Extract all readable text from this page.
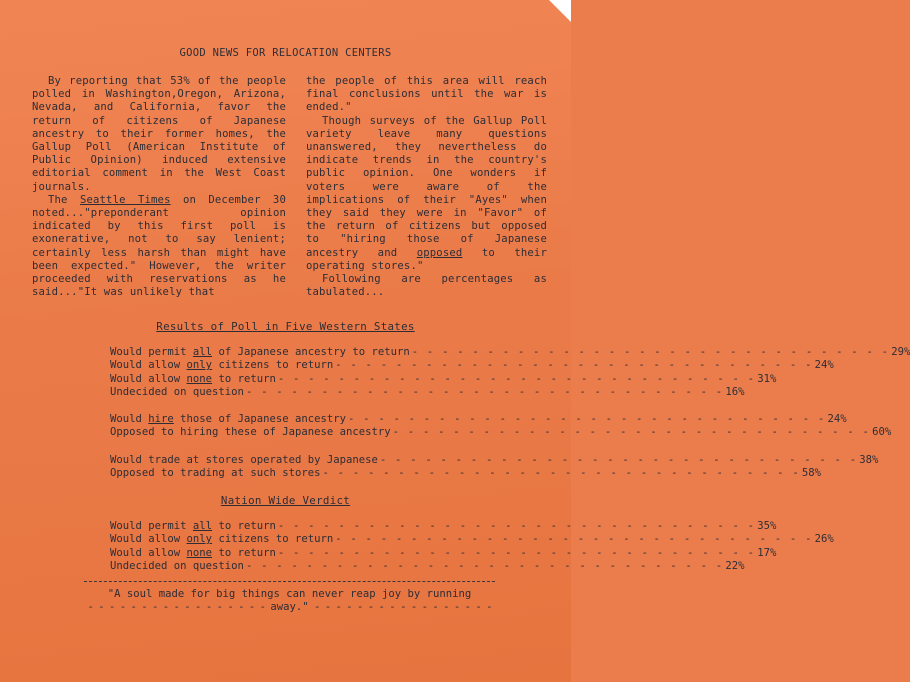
GOOD NEWS FOR RELOCATION CENTERS

By reporting that 53% of the people polled in Washington,Oregon, Arizona, Nevada, and California, favor the return of citizens of Japanese ancestry to their former homes, the Gallup Poll (American Institute of Public Opinion) induced extensive editorial comment in the West Coast journals.

The Seattle Times on December 30 noted..."preponderant opinion indicated by this first poll is exonerative, not to say lenient; certainly less harsh than might have been expected." However, the writer proceeded with reservations as he said..."It was unlikely that

the people of this area will reach final conclusions until the war is ended."

Though surveys of the Gallup Poll variety leave many questions unanswered, they nevertheless do indicate trends in the country's public opinion. One wonders if voters were aware of the implications of their "Ayes" when they said they were in "Favor" of the return of citizens but opposed to "hiring those of Japanese ancestry and opposed to their operating stores."

Following are percentages as tabulated...

Results of Poll in Five Western States
Would permit all of Japanese ancestry to return - - - - - - - - - - - - - - - - - - - - - - - - - - - - - - - - 29%
Would allow only citizens to return - - - - - - - - - - - - - - - - - - - - - - - - - - - - - - - - 24%
Would allow none to return - - - - - - - - - - - - - - - - - - - - - - - - - - - - - - - - 31%
Undecided on question - - - - - - - - - - - - - - - - - - - - - - - - - - - - - - - - 16%
Would hire those of Japanese ancestry - - - - - - - - - - - - - - - - - - - - - - - - - - - - - - - - 24%
Opposed to hiring these of Japanese ancestry - - - - - - - - - - - - - - - - - - - - - - - - - - - - - - - - 60%
Would trade at stores operated by Japanese - - - - - - - - - - - - - - - - - - - - - - - - - - - - - - - - 38%
Opposed to trading at such stores - - - - - - - - - - - - - - - - - - - - - - - - - - - - - - - - 58%
Nation Wide Verdict
Would permit all to return - - - - - - - - - - - - - - - - - - - - - - - - - - - - - - - - 35%
Would allow only citizens to return - - - - - - - - - - - - - - - - - - - - - - - - - - - - - - - - 26%
Would allow none to return - - - - - - - - - - - - - - - - - - - - - - - - - - - - - - - - 17%
Undecided on question - - - - - - - - - - - - - - - - - - - - - - - - - - - - - - - - 22%
"A soul made for big things can never reap joy by running
- - - - - - - - - - - - - - - - - away." - - - - - - - - - - - - - - - - -
